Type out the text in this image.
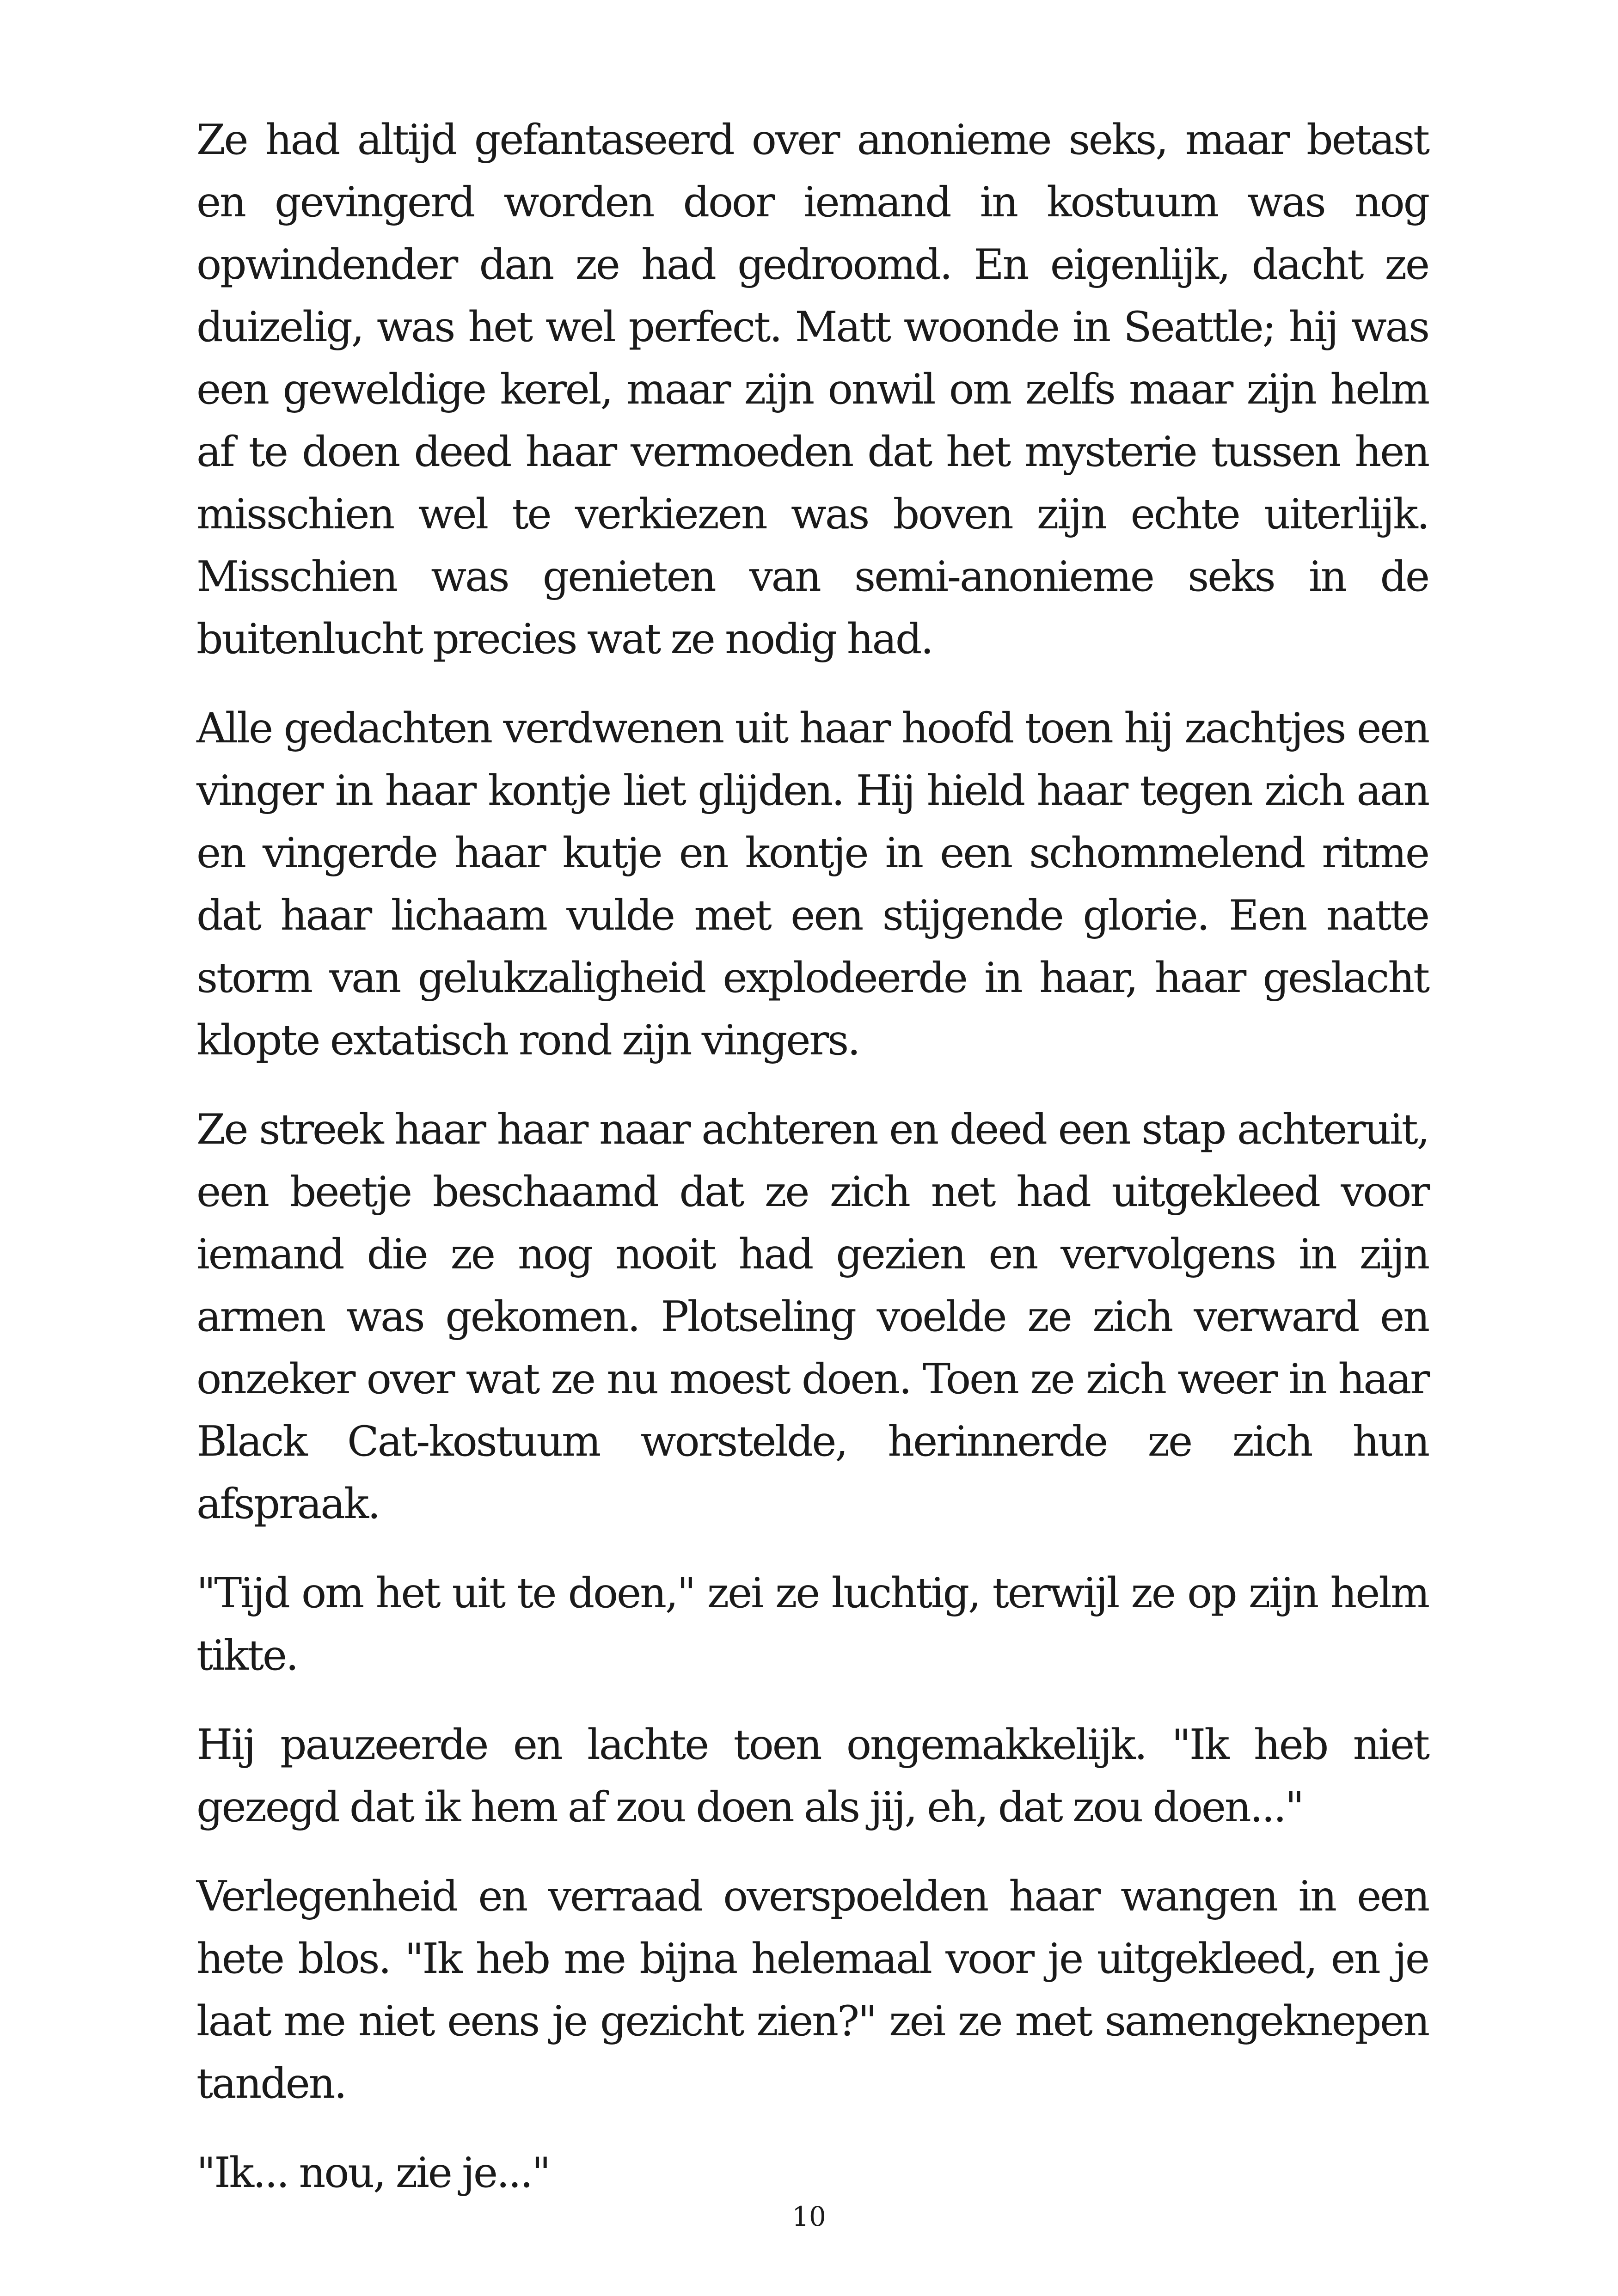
Ze had altijd gefantaseerd over anonieme seks, maar betast en gevingerd worden door iemand in kostuum was nog opwindender dan ze had gedroomd. En eigenlijk, dacht ze duizelig, was het wel perfect. Matt woonde in Seattle; hij was een geweldige kerel, maar zijn onwil om zelfs maar zijn helm af te doen deed haar vermoeden dat het mysterie tussen hen misschien wel te verkiezen was boven zijn echte uiterlijk. Misschien was genieten van semi-anonieme seks in de buitenlucht precies wat ze nodig had.

Alle gedachten verdwenen uit haar hoofd toen hij zachtjes een vinger in haar kontje liet glijden. Hij hield haar tegen zich aan en vingerde haar kutje en kontje in een schommelend ritme dat haar lichaam vulde met een stijgende glorie. Een natte storm van gelukzaligheid explodeerde in haar, haar geslacht klopte extatisch rond zijn vingers.

Ze streek haar haar naar achteren en deed een stap achteruit, een beetje beschaamd dat ze zich net had uitgekleed voor iemand die ze nog nooit had gezien en vervolgens in zijn armen was gekomen. Plotseling voelde ze zich verward en onzeker over wat ze nu moest doen. Toen ze zich weer in haar Black Cat-kostuum worstelde, herinnerde ze zich hun afspraak.

"Tijd om het uit te doen," zei ze luchtig, terwijl ze op zijn helm tikte.

Hij pauzeerde en lachte toen ongemakkelijk. "Ik heb niet gezegd dat ik hem af zou doen als jij, eh, dat zou doen..."

Verlegenheid en verraad overspoelden haar wangen in een hete blos. "Ik heb me bijna helemaal voor je uitgekleed, en je laat me niet eens je gezicht zien?" zei ze met samengeknepen tanden.

"Ik... nou, zie je..."

10
